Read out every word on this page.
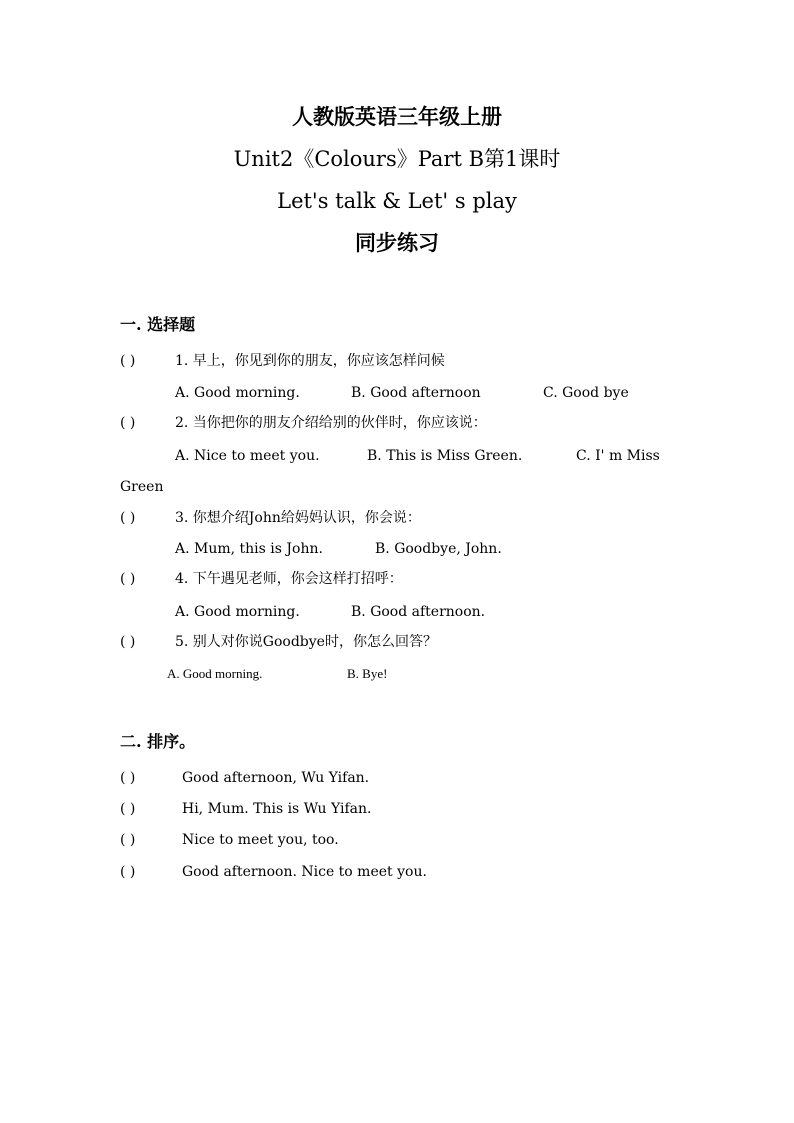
人教版英语三年级上册
Unit2《Colours》Part B第1课时
Let's talk & Let' s play
同步练习
一. 选择题
( )	1. 早上，你见到你的朋友，你应该怎样问候
A. Good morning.	B. Good afternoon	C. Good bye
( )	2. 当你把你的朋友介绍给别的伙伴时，你应该说：
A. Nice to meet you.	B. This is Miss Green.	C. I' m Miss
Green
( )	3. 你想介绍John给妈妈认识，你会说：
A. Mum, this is John.	B. Goodbye, John.
( )	4. 下午遇见老师，你会这样打招呼：
A. Good morning.	B. Good afternoon.
( )	5. 别人对你说Goodbye时，你怎么回答？
A. Good morning.	B. Bye!
二. 排序。
( )	Good afternoon, Wu Yifan.
( )	Hi, Mum. This is Wu Yifan.
( )	Nice to meet you, too.
( )	Good afternoon. Nice to meet you.
